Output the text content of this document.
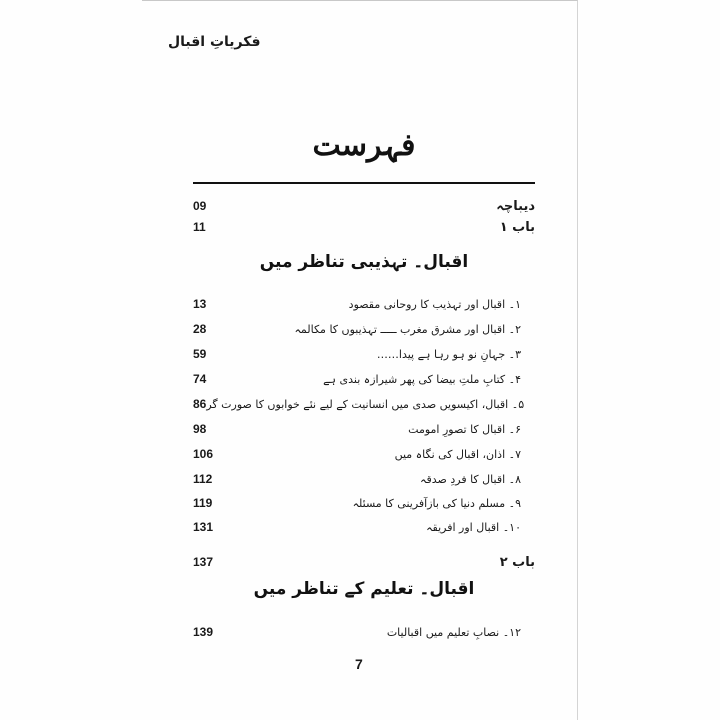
فکریاتِ اقبال
فہرست
09	دیباچہ
11	باب ۱
اقبال۔ تہذیبی تناظر میں
13	۱۔ اقبال اور تہذیب کا روحانی مقصود
28	۲۔ اقبال اور مشرق مغرب ـــــ تہذیبوں کا مکالمہ
59	۳۔ جہانِ نو ہو رہا ہے پیدا……
74	۴۔ کتابِ ملتِ بیضا کی پھر شیرازہ بندی ہے
86 ۵۔ اقبال، اکیسویں صدی میں انسانیت کے لیے نئے خوابوں کا صورت گر
98	۶۔ اقبال کا تصورِ امومت
106	۷۔ اذان، اقبال کی نگاہ میں
112	۸۔ اقبال کا فردِ صدقہ
119	۹۔ مسلم دنیا کی بازآفرینی کا مسئلہ
131	۱۰۔ اقبال اور افریقہ
137	باب ۲
اقبال۔ تعلیم کے تناظر میں
139	۱۲۔ نصابِ تعلیم میں اقبالیات
7
